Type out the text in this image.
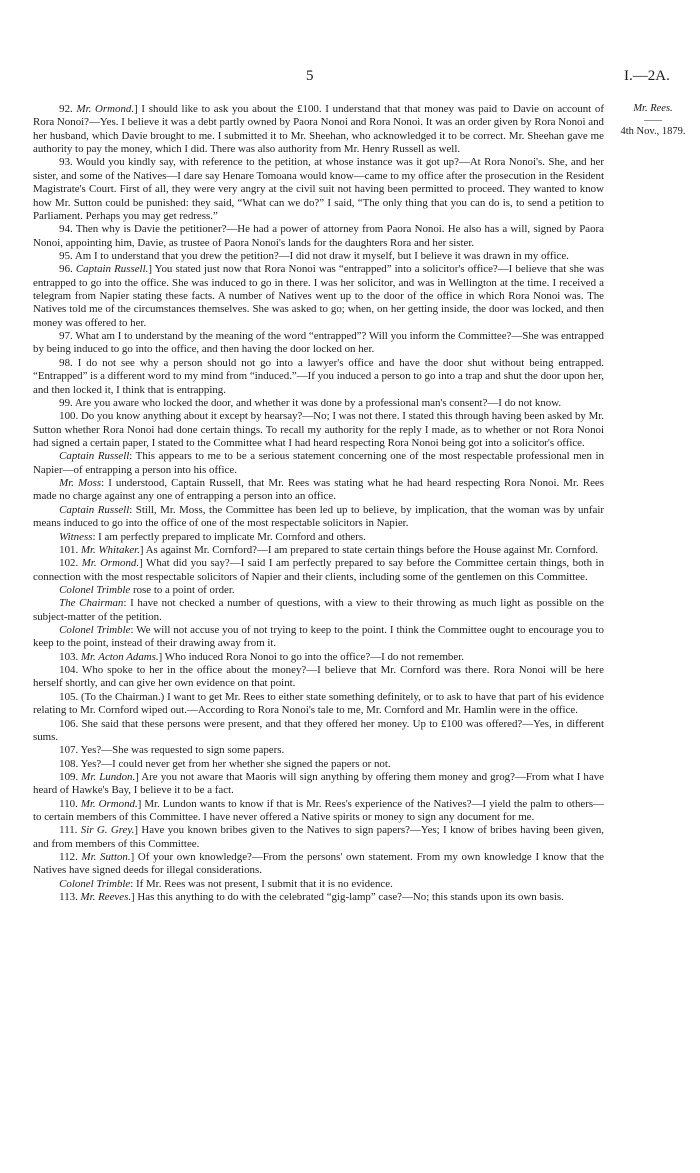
5	I.—2A.
Mr. Rees.
——
4th Nov., 1879.

92. Mr. Ormond.] I should like to ask you about the £100. I understand that that money was paid to Davie on account of Rora Nonoi?—Yes. I believe it was a debt partly owned by Paora Nonoi and Rora Nonoi. It was an order given by Rora Nonoi and her husband, which Davie brought to me. I submitted it to Mr. Sheehan, who acknowledged it to be correct. Mr. Sheehan gave me authority to pay the money, which I did. There was also authority from Mr. Henry Russell as well.

93. Would you kindly say, with reference to the petition, at whose instance was it got up?—At Rora Nonoi's. She, and her sister, and some of the Natives—I dare say Henare Tomoana would know—came to my office after the prosecution in the Resident Magistrate's Court. First of all, they were very angry at the civil suit not having been permitted to proceed. They wanted to know how Mr. Sutton could be punished: they said, “What can we do?” I said, “The only thing that you can do is, to send a petition to Parliament. Perhaps you may get redress.”

94. Then why is Davie the petitioner?—He had a power of attorney from Paora Nonoi. He also has a will, signed by Paora Nonoi, appointing him, Davie, as trustee of Paora Nonoi's lands for the daughters Rora and her sister.

95. Am I to understand that you drew the petition?—I did not draw it myself, but I believe it was drawn in my office.

96. Captain Russell.] You stated just now that Rora Nonoi was “entrapped” into a solicitor's office?—I believe that she was entrapped to go into the office. She was induced to go in there. I was her solicitor, and was in Wellington at the time. I received a telegram from Napier stating these facts. A number of Natives went up to the door of the office in which Rora Nonoi was. The Natives told me of the circumstances themselves. She was asked to go; when, on her getting inside, the door was locked, and then money was offered to her.

97. What am I to understand by the meaning of the word “entrapped”? Will you inform the Committee?—She was entrapped by being induced to go into the office, and then having the door locked on her.

98. I do not see why a person should not go into a lawyer's office and have the door shut without being entrapped. “Entrapped” is a different word to my mind from “induced.”—If you induced a person to go into a trap and shut the door upon her, and then locked it, I think that is entrapping.

99. Are you aware who locked the door, and whether it was done by a professional man's consent?—I do not know.

100. Do you know anything about it except by hearsay?—No; I was not there. I stated this through having been asked by Mr. Sutton whether Rora Nonoi had done certain things. To recall my authority for the reply I made, as to whether or not Rora Nonoi had signed a certain paper, I stated to the Committee what I had heard respecting Rora Nonoi being got into a solicitor's office.

Captain Russell: This appears to me to be a serious statement concerning one of the most respectable professional men in Napier—of entrapping a person into his office.

Mr. Moss: I understood, Captain Russell, that Mr. Rees was stating what he had heard respecting Rora Nonoi. Mr. Rees made no charge against any one of entrapping a person into an office.

Captain Russell: Still, Mr. Moss, the Committee has been led up to believe, by implication, that the woman was by unfair means induced to go into the office of one of the most respectable solicitors in Napier.

Witness: I am perfectly prepared to implicate Mr. Cornford and others.

101. Mr. Whitaker.] As against Mr. Cornford?—I am prepared to state certain things before the House against Mr. Cornford.

102. Mr. Ormond.] What did you say?—I said I am perfectly prepared to say before the Committee certain things, both in connection with the most respectable solicitors of Napier and their clients, including some of the gentlemen on this Committee.

Colonel Trimble rose to a point of order.

The Chairman: I have not checked a number of questions, with a view to their throwing as much light as possible on the subject-matter of the petition.

Colonel Trimble: We will not accuse you of not trying to keep to the point. I think the Committee ought to encourage you to keep to the point, instead of their drawing away from it.

103. Mr. Acton Adams.] Who induced Rora Nonoi to go into the office?—I do not remember.

104. Who spoke to her in the office about the money?—I believe that Mr. Cornford was there. Rora Nonoi will be here herself shortly, and can give her own evidence on that point.

105. (To the Chairman.) I want to get Mr. Rees to either state something definitely, or to ask to have that part of his evidence relating to Mr. Cornford wiped out.—According to Rora Nonoi's tale to me, Mr. Cornford and Mr. Hamlin were in the office.

106. She said that these persons were present, and that they offered her money. Up to £100 was offered?—Yes, in different sums.

107. Yes?—She was requested to sign some papers.

108. Yes?—I could never get from her whether she signed the papers or not.

109. Mr. Lundon.] Are you not aware that Maoris will sign anything by offering them money and grog?—From what I have heard of Hawke's Bay, I believe it to be a fact.

110. Mr. Ormond.] Mr. Lundon wants to know if that is Mr. Rees's experience of the Natives?—I yield the palm to others—to certain members of this Committee. I have never offered a Native spirits or money to sign any document for me.

111. Sir G. Grey.] Have you known bribes given to the Natives to sign papers?—Yes; I know of bribes having been given, and from members of this Committee.

112. Mr. Sutton.] Of your own knowledge?—From the persons' own statement. From my own knowledge I know that the Natives have signed deeds for illegal considerations.

Colonel Trimble: If Mr. Rees was not present, I submit that it is no evidence.

113. Mr. Reeves.] Has this anything to do with the celebrated “gig-lamp” case?—No; this stands upon its own basis.
